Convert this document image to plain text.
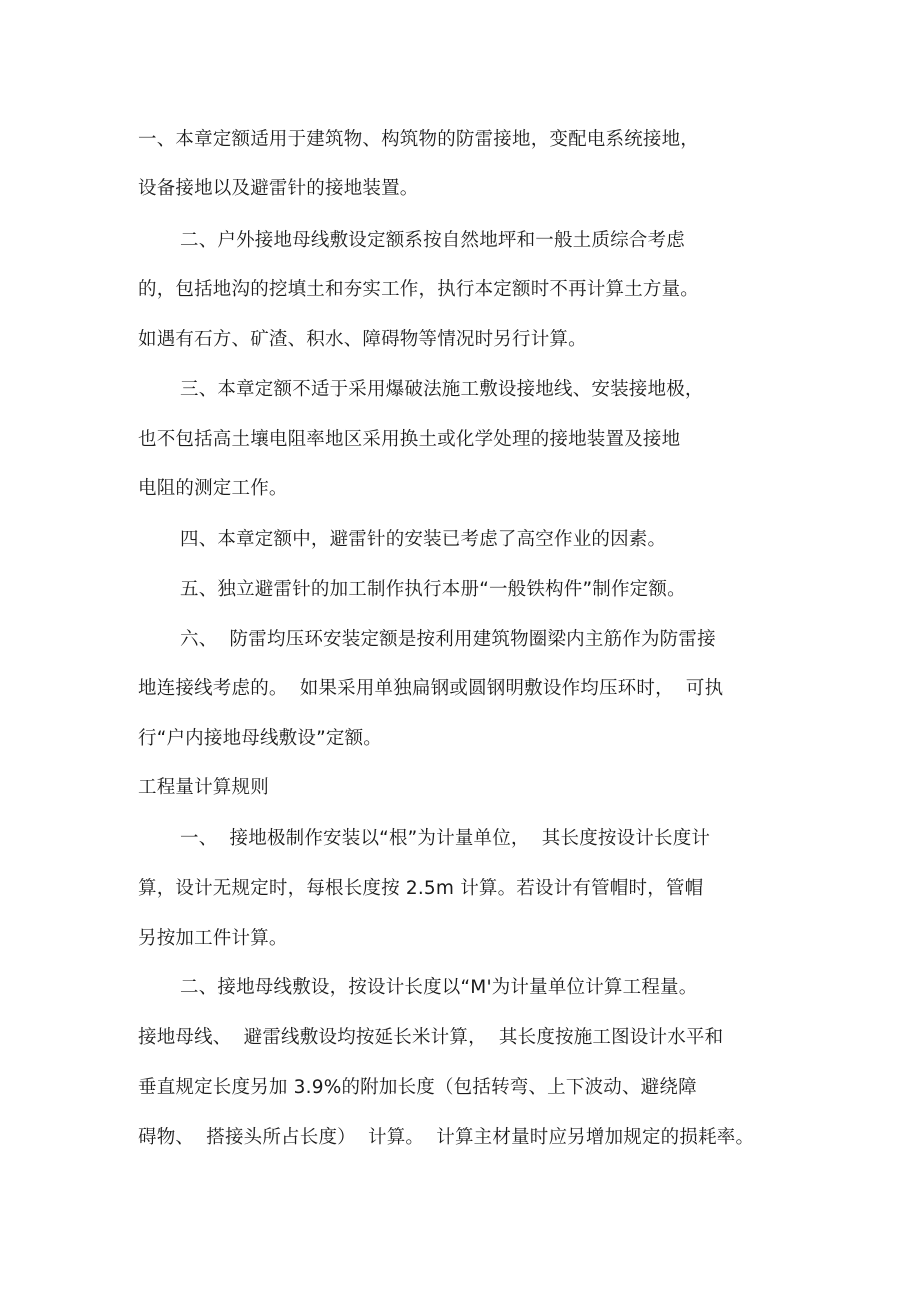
一、本章定额适用于建筑物、构筑物的防雷接地，变配电系统接地，
设备接地以及避雷针的接地装置。
二、户外接地母线敷设定额系按自然地坪和一般土质综合考虑
的，包括地沟的挖填土和夯实工作，执行本定额时不再计算土方量。
如遇有石方、矿渣、积水、障碍物等情况时另行计算。
三、本章定额不适于采用爆破法施工敷设接地线、安装接地极，
也不包括高土壤电阻率地区采用换土或化学处理的接地装置及接地
电阻的测定工作。
四、本章定额中，避雷针的安装已考虑了高空作业的因素。
五、独立避雷针的加工制作执行本册“一般铁构件”制作定额。
六、  防雷均压环安装定额是按利用建筑物圈梁内主筋作为防雷接
地连接线考虑的。  如果采用单独扁钢或圆钢明敷设作均压环时，  可执
行“户内接地母线敷设”定额。
工程量计算规则
一、  接地极制作安装以“根”为计量单位，  其长度按设计长度计
算，设计无规定时，每根长度按 2.5m 计算。若设计有管帽时，管帽
另按加工件计算。
二、接地母线敷设，按设计长度以“M'为计量单位计算工程量。
接地母线、  避雷线敷设均按延长米计算，  其长度按施工图设计水平和
垂直规定长度另加 3.9%的附加长度（包括转弯、上下波动、避绕障
碍物、  搭接头所占长度）  计算。  计算主材量时应另增加规定的损耗率。
